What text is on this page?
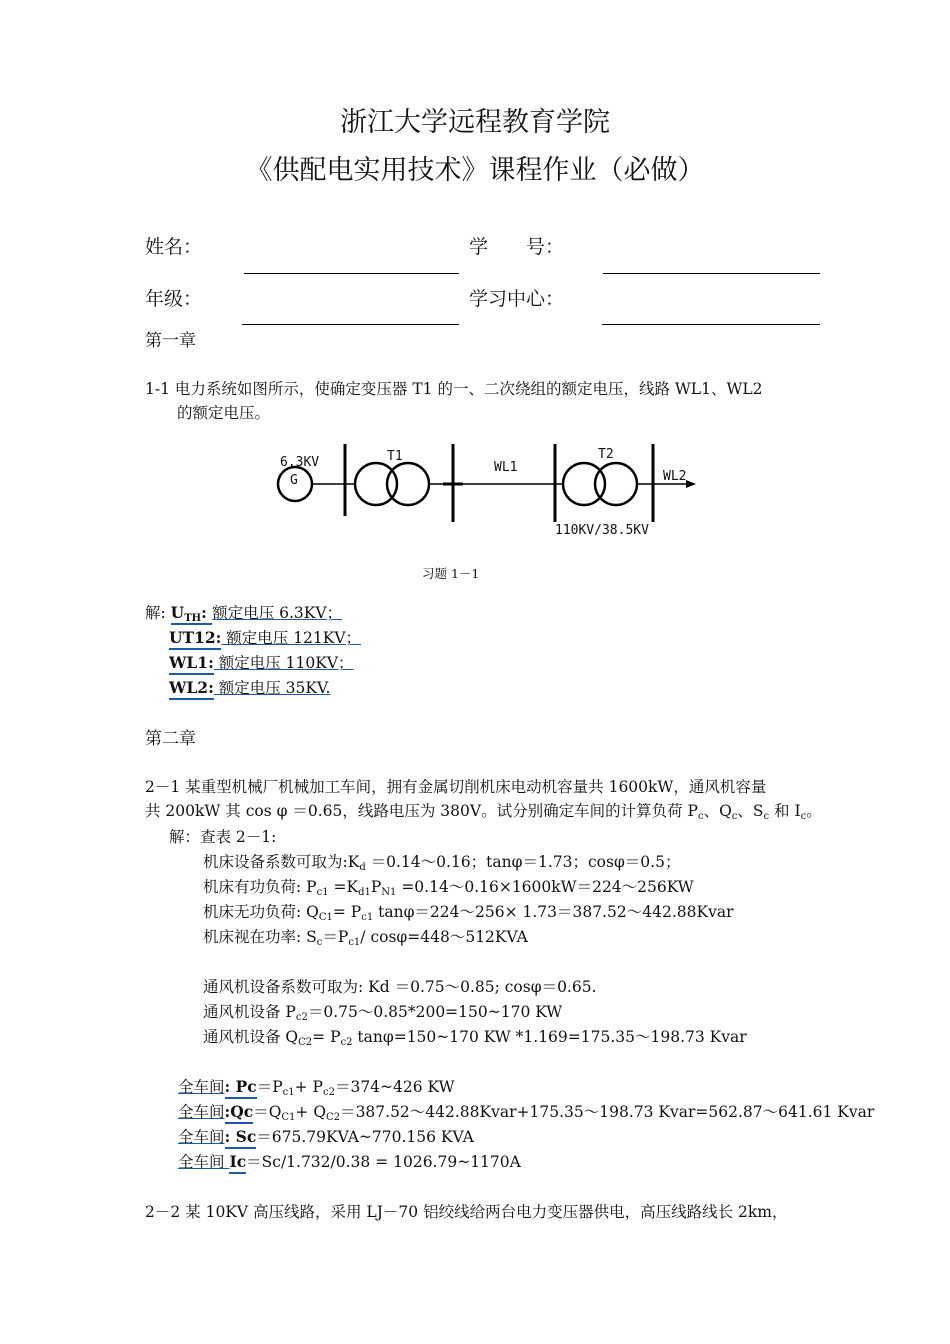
浙江大学远程教育学院
《供配电实用技术》课程作业（必做）
姓名：	学　　号：
年级：	学习中心：
第一章
1-1 电力系统如图所示，使确定变压器 T1 的一、二次绕组的额定电压，线路 WL1、WL2
的额定电压。
6.3KV
G
T1
WL1
T2
WL2
110KV/38.5KV
习题 1－1
解: $U_{TH}$: 额定电压 6.3KV；
UT12: 额定电压 121KV；
WL1: 额定电压 110KV；
WL2: 额定电压 35KV.
第二章
2－1 某重型机械厂机械加工车间，拥有金属切削机床电动机容量共 1600kW，通风机容量
共 200kW 其 cos φ ＝0.65，线路电压为 380V。试分别确定车间的计算负荷 $P_c$、$Q_c$、$S_c$ 和 $I_c$。
解：查表 2－1:
机床设备系数可取为$:K_d$ ＝0.14～0.16；tanφ＝1.73；cosφ＝0.5；
机床有功负荷: $P_{c1} =K_{d1}P_{N1}$ =0.14～0.16×1600kW＝224～256KW
机床无功负荷: $Q_{C1}= P_{c1}$ tanφ＝224～256× 1.73＝387.52～442.88Kvar
机床视在功率: $S_c=P_{c1}/$ cosφ=448～512KVA
通风机设备系数可取为: Kd ＝0.75～0.85; cosφ＝0.65.
通风机设备 $P_{c2}=0.75\sim 0.85*200=150\sim 170$ KW
通风机设备 $Q_{C2}= P_{c2}$ tanφ=150~170 KW *1.169=175.35～198.73 Kvar
全车间: $Pc=P_{c1}+$ $P_{c2}=374\sim 426$ KW
全车间$:Qc=Q_{C1}+$ $Q_{C2}=387.52\sim 442.88Kvar+175.35\sim 198.73$ Kvar=562.87～641.61 Kvar
全车间: Sc＝675.79KVA~770.156 KVA
全车间 Ic＝Sc/1.732/0.38 = 1026.79~1170A
2－2 某 10KV 高压线路，采用 LJ－70 铝绞线给两台电力变压器供电，高压线路线长 2km，
